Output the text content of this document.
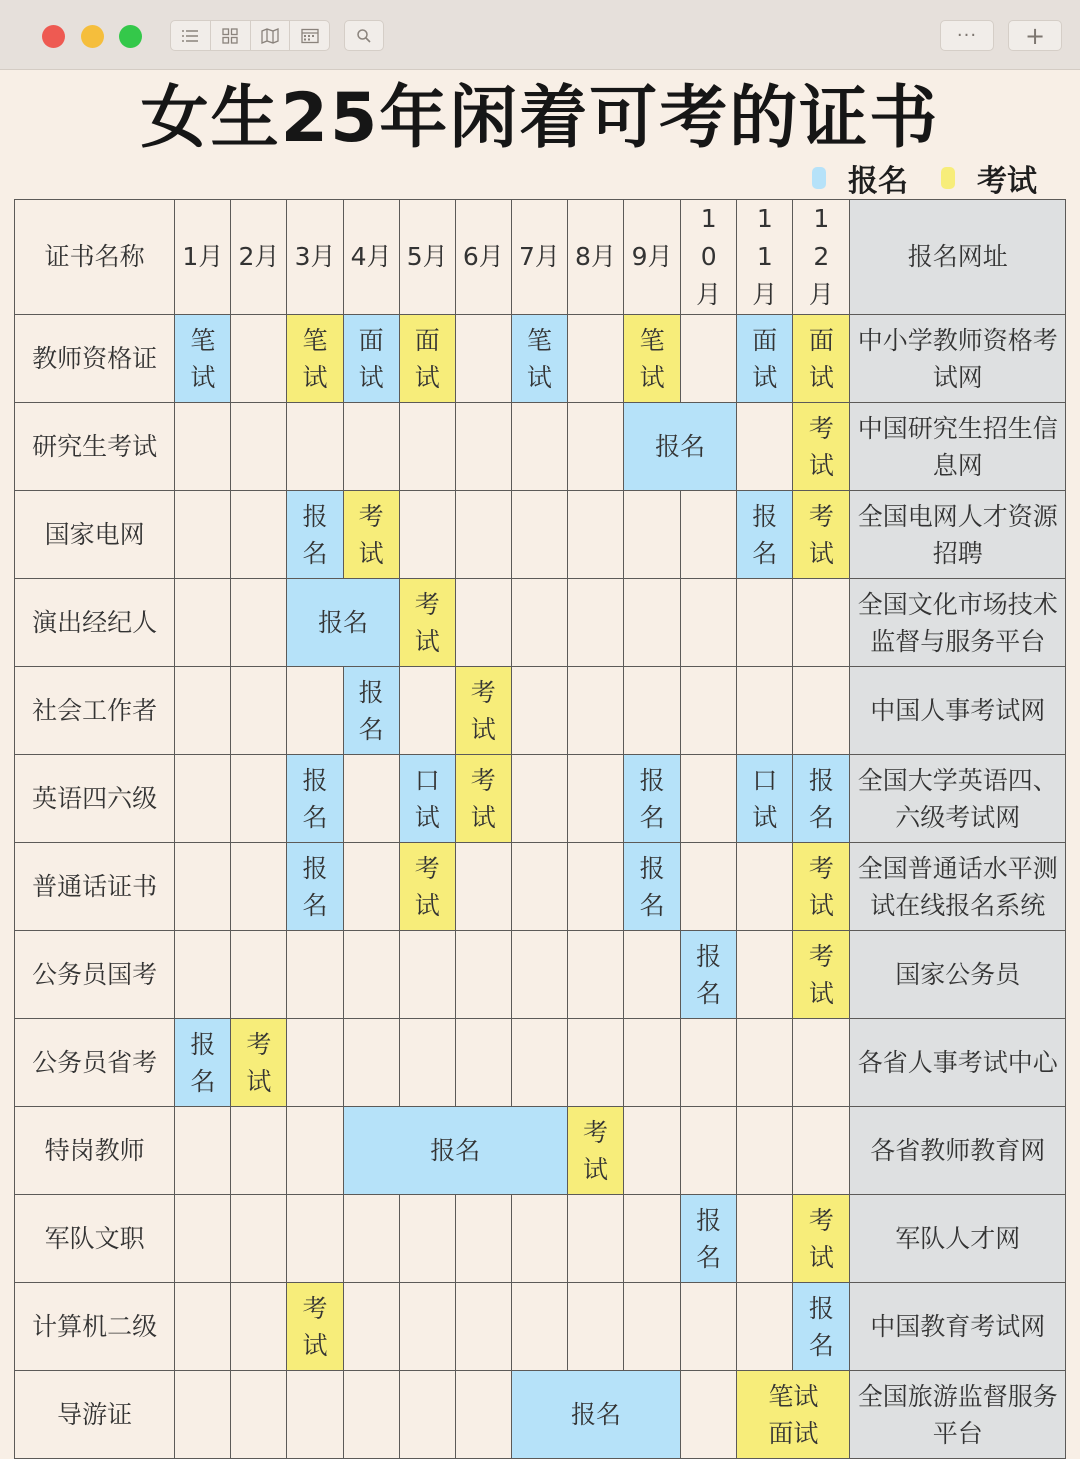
···	+
女生25年闲着可考的证书
报名 考试
证书名称	1月	2月	3月	4月	5月	6月	7月	8月	9月	10月	11月	12月	报名网址
教师资格证	笔试		笔试	面试	面试		笔试		笔试		面试	面试	中小学教师资格考试网
研究生考试									报名			考试	中国研究生招生信息网
国家电网			报名	考试							报名	考试	全国电网人才资源招聘
演出经纪人			报名		考试								全国文化市场技术监督与服务平台
社会工作者				报名		考试							中国人事考试网
英语四六级			报名		口试	考试			报名		口试	报名	全国大学英语四、六级考试网
普通话证书			报名		考试				报名			考试	全国普通话水平测试在线报名系统
公务员国考										报名		考试	国家公务员
公务员省考	报名	考试											各省人事考试中心
特岗教师				报名				考试					各省教师教育网
军队文职										报名		考试	军队人才网
计算机二级			考试									报名	中国教育考试网
导游证							报名				笔试面试		全国旅游监督服务平台
